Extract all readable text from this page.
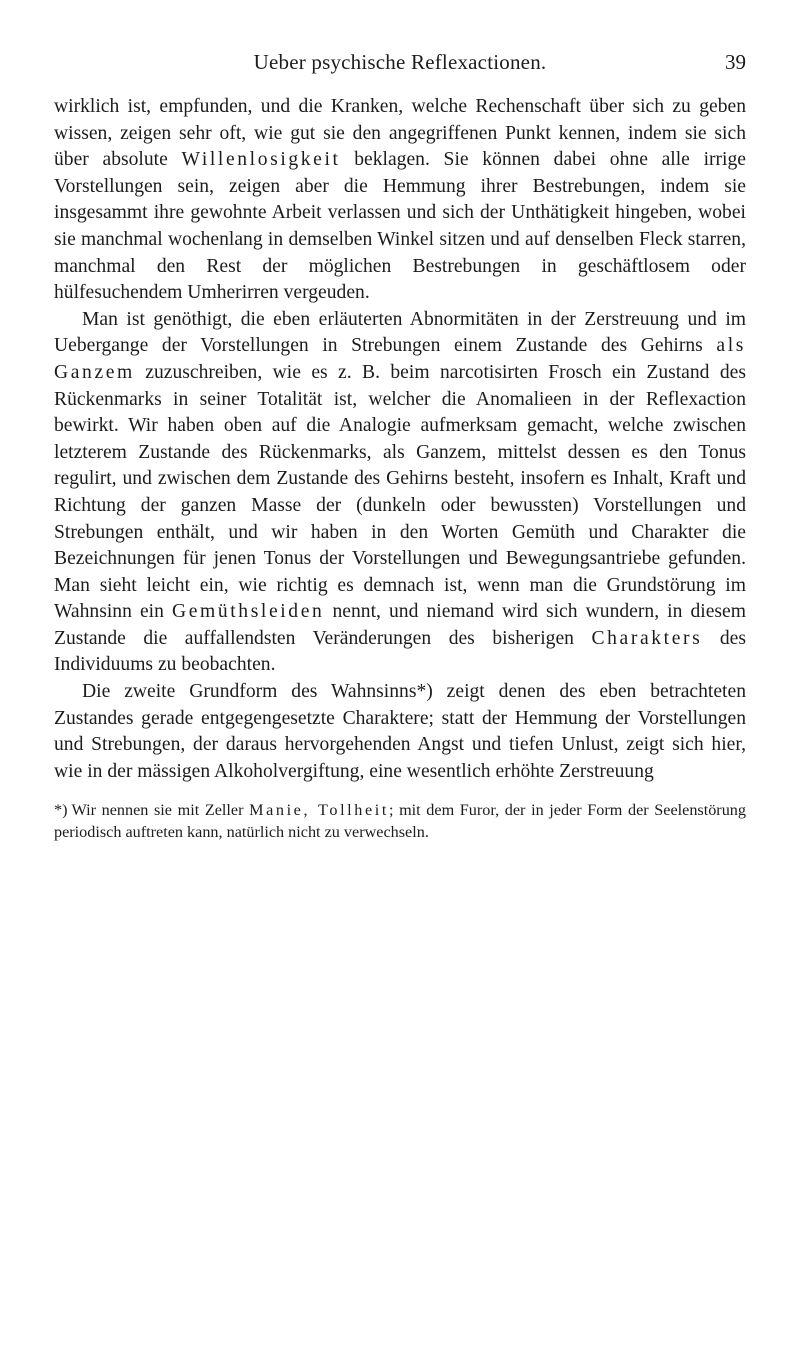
Ueber psychische Reflexactionen.	39

wirklich ist, empfunden, und die Kranken, welche Rechenschaft über sich zu geben wissen, zeigen sehr oft, wie gut sie den angegriffenen Punkt kennen, indem sie sich über absolute Willenlosigkeit beklagen. Sie können dabei ohne alle irrige Vorstellungen sein, zeigen aber die Hemmung ihrer Bestrebungen, indem sie insgesammt ihre gewohnte Arbeit verlassen und sich der Unthätigkeit hingeben, wobei sie manchmal wochenlang in demselben Winkel sitzen und auf denselben Fleck starren, manchmal den Rest der möglichen Bestrebungen in geschäftlosem oder hülfesuchendem Umherirren vergeuden.

Man ist genöthigt, die eben erläuterten Abnormitäten in der Zerstreuung und im Uebergange der Vorstellungen in Strebungen einem Zustande des Gehirns als Ganzem zuzuschreiben, wie es z. B. beim narcotisirten Frosch ein Zustand des Rückenmarks in seiner Totalität ist, welcher die Anomalieen in der Reflexaction bewirkt. Wir haben oben auf die Analogie aufmerksam gemacht, welche zwischen letzterem Zustande des Rückenmarks, als Ganzem, mittelst dessen es den Tonus regulirt, und zwischen dem Zustande des Gehirns besteht, insofern es Inhalt, Kraft und Richtung der ganzen Masse der (dunkeln oder bewussten) Vorstellungen und Strebungen enthält, und wir haben in den Worten Gemüth und Charakter die Bezeichnungen für jenen Tonus der Vorstellungen und Bewegungsantriebe gefunden. Man sieht leicht ein, wie richtig es demnach ist, wenn man die Grundstörung im Wahnsinn ein Gemüthsleiden nennt, und niemand wird sich wundern, in diesem Zustande die auffallendsten Veränderungen des bisherigen Charakters des Individuums zu beobachten.

Die zweite Grundform des Wahnsinns*) zeigt denen des eben betrachteten Zustandes gerade entgegengesetzte Charaktere; statt der Hemmung der Vorstellungen und Strebungen, der daraus hervorgehenden Angst und tiefen Unlust, zeigt sich hier, wie in der mässigen Alkoholvergiftung, eine wesentlich erhöhte Zerstreuung

*) Wir nennen sie mit Zeller Manie, Tollheit; mit dem Furor, der in jeder Form der Seelenstörung periodisch auftreten kann, natürlich nicht zu verwechseln.
